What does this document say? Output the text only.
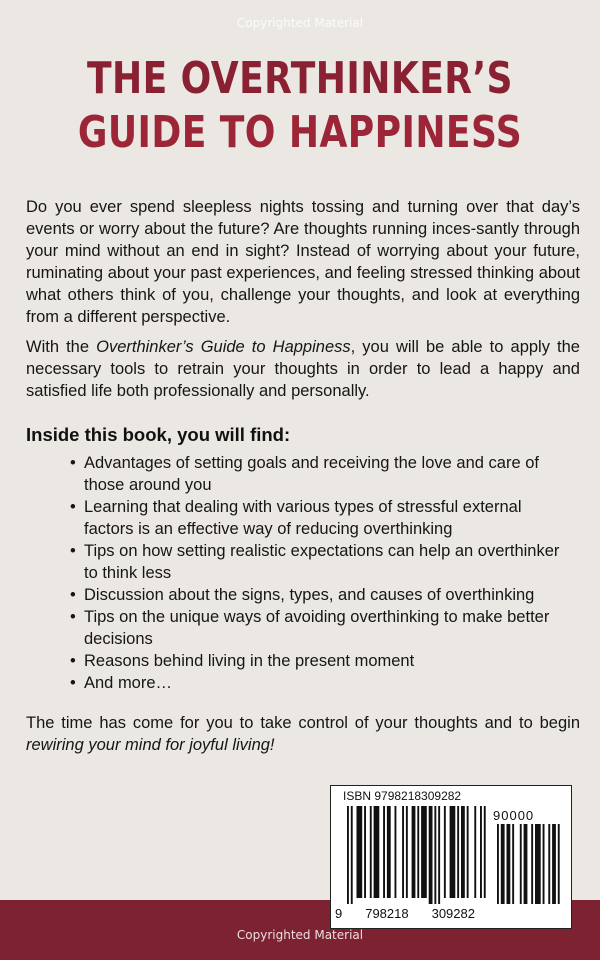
Copyrighted Material
THE OVERTHINKER’S
GUIDE TO HAPPINESS
Do you ever spend sleepless nights tossing and turning over that day’s events or worry about the future? Are thoughts running inces-santly through your mind without an end in sight? Instead of worrying about your future, ruminating about your past experiences, and feeling stressed thinking about what others think of you, challenge your thoughts, and look at everything from a different perspective.
With the Overthinker’s Guide to Happiness, you will be able to apply the necessary tools to retrain your thoughts in order to lead a happy and satisfied life both professionally and personally.
Inside this book, you will find:
• Advantages of setting goals and receiving the love and care of those around you
• Learning that dealing with various types of stressful external factors is an effective way of reducing overthinking
• Tips on how setting realistic expectations can help an overthinker to think less
• Discussion about the signs, types, and causes of overthinking
• Tips on the unique ways of avoiding overthinking to make better decisions
• Reasons behind living in the present moment
• And more…
The time has come for you to take control of your thoughts and to begin rewiring your mind for joyful living!
ISBN 9798218309282
90000
9 798218 309282
Copyrighted Material
